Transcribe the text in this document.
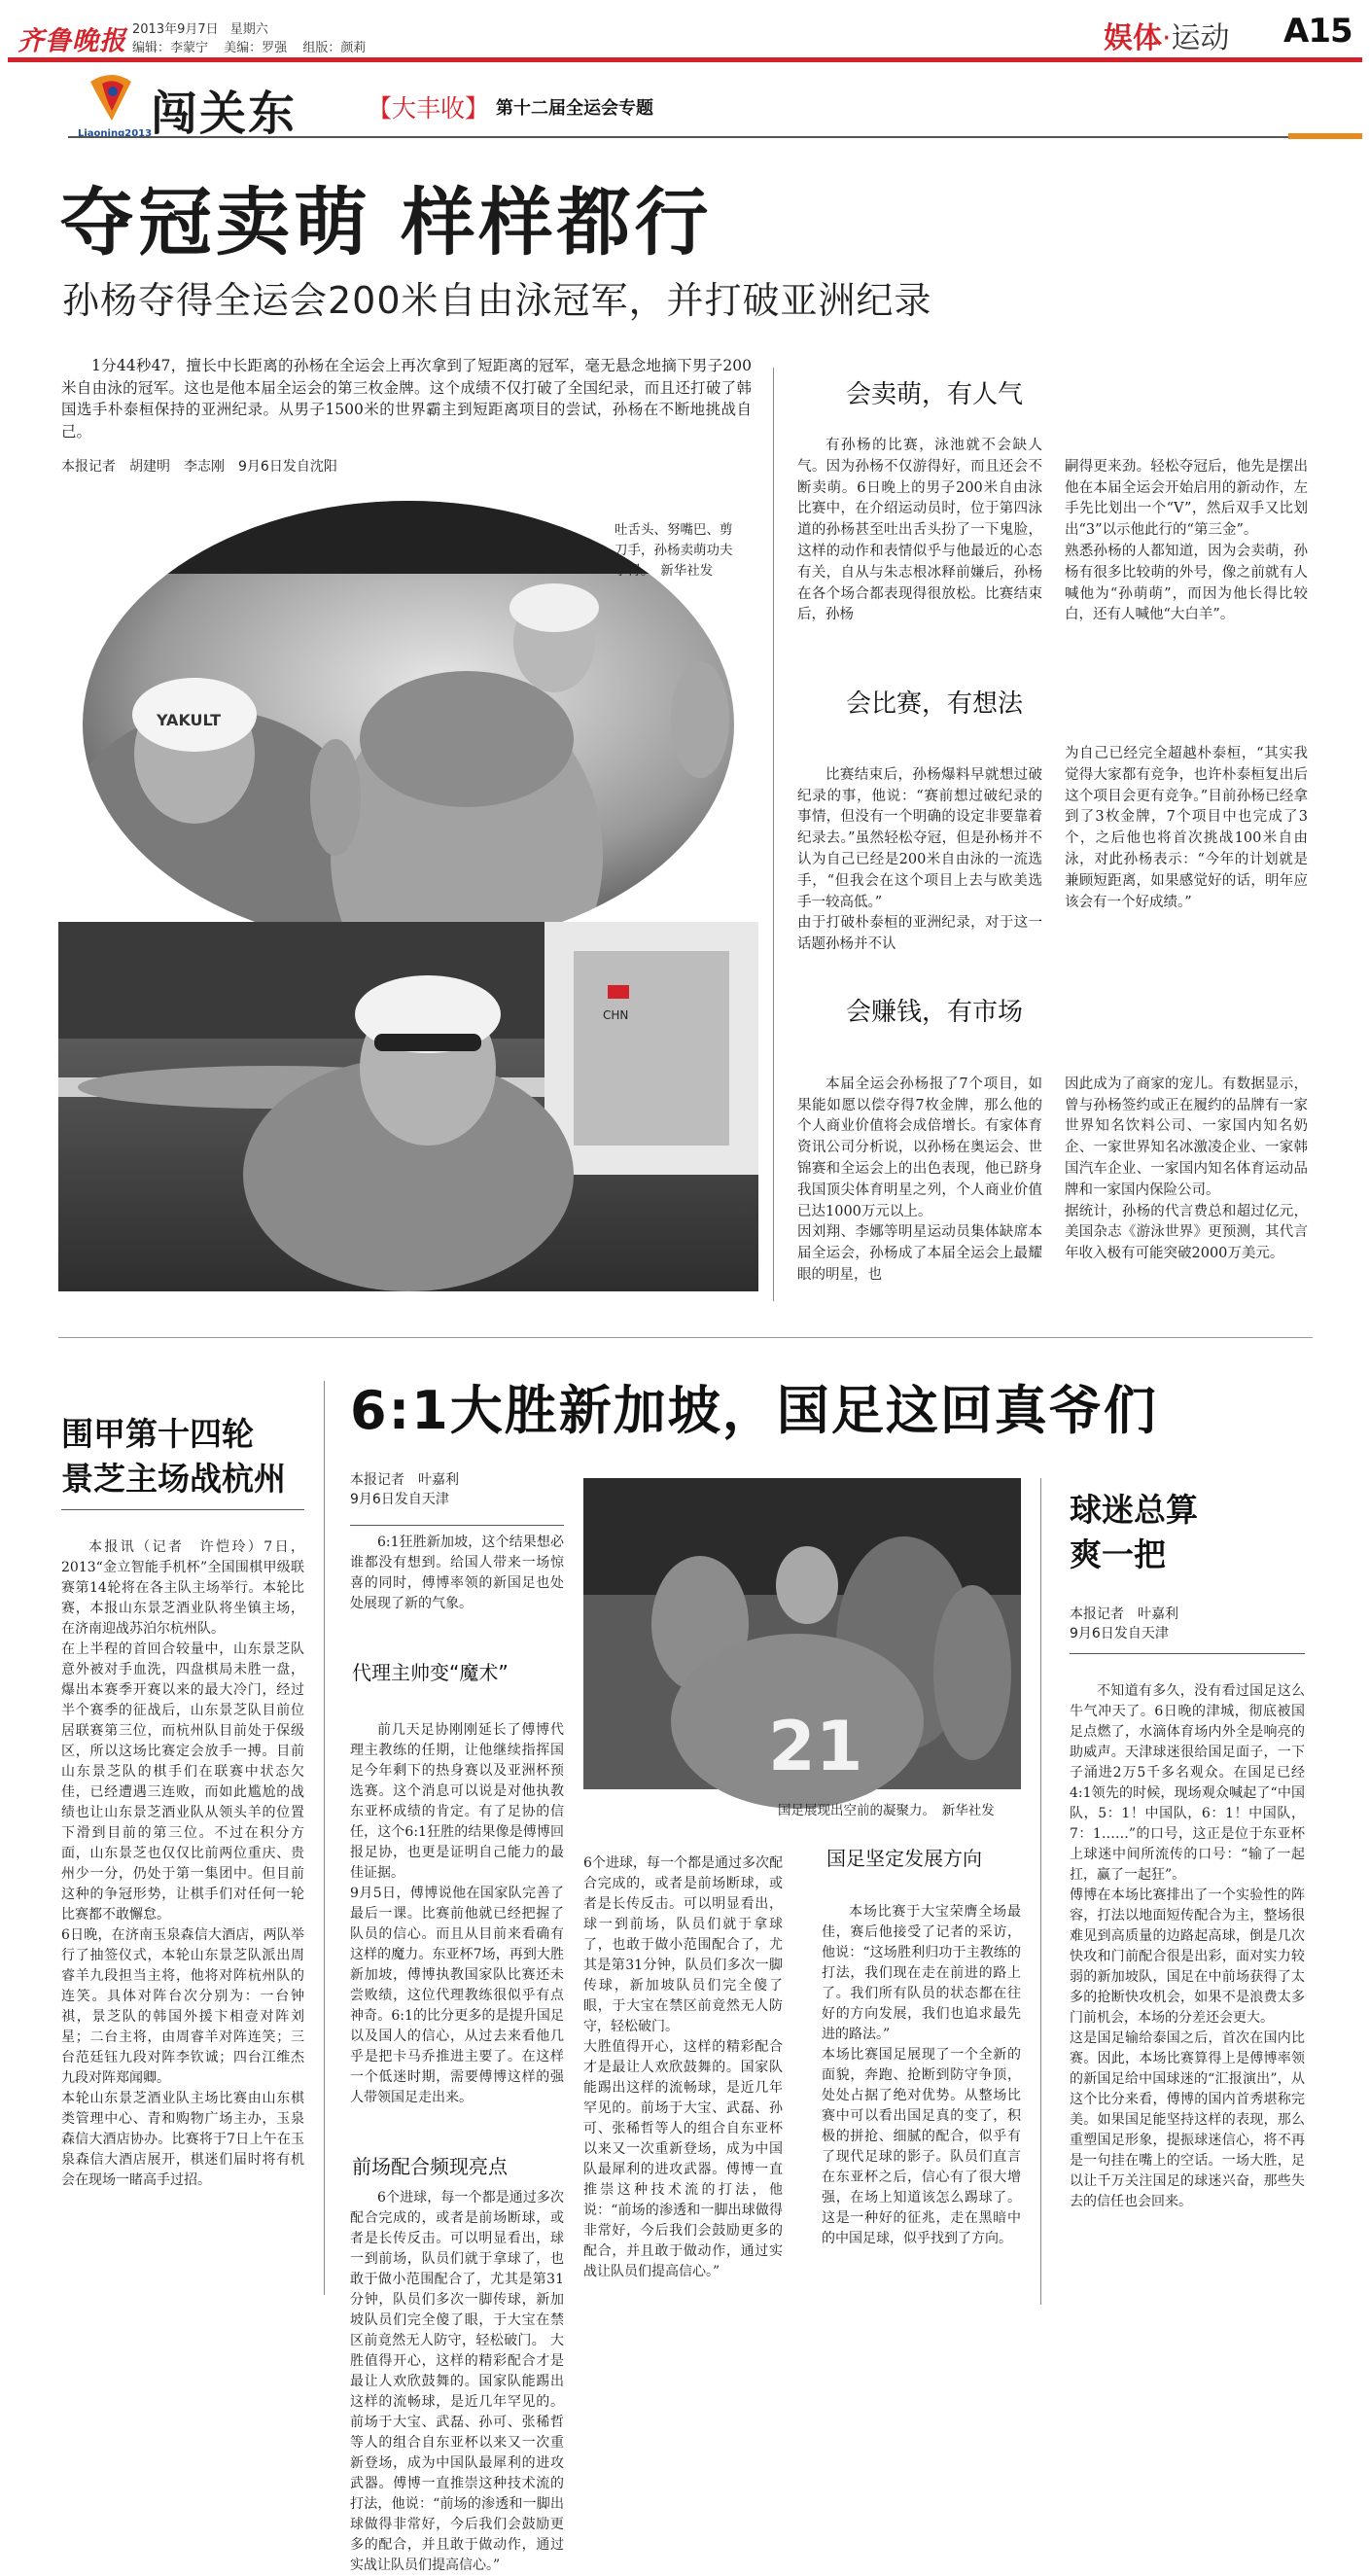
齐鲁晚报 2013年9月7日 星期六
编辑：李蒙宁 美编：罗强 组版：颜莉	娱体·运动 A15
Liaoning2013
闯关东	【大丰收】 第十二届全运会专题
夺冠卖萌 样样都行
孙杨夺得全运会200米自由泳冠军，并打破亚洲纪录

1分44秒47，擅长中长距离的孙杨在全运会上再次拿到了短距离的冠军，毫无悬念地摘下男子200米自由泳的冠军。这也是他本届全运会的第三枚金牌。这个成绩不仅打破了全国纪录，而且还打破了韩国选手朴泰桓保持的亚洲纪录。从男子1500米的世界霸主到短距离项目的尝试，孙杨在不断地挑战自己。

本报记者　胡建明　李志刚　9月6日发自沈阳
YAKULT
吐舌头、努嘴巴、剪刀手，孙杨卖萌功夫了得。　新华社发
CHN
会卖萌，有人气

有孙杨的比赛，泳池就不会缺人气。因为孙杨不仅游得好，而且还会不断卖萌。6日晚上的男子200米自由泳比赛中，在介绍运动员时，位于第四泳道的孙杨甚至吐出舌头扮了一下鬼脸，这样的动作和表情似乎与他最近的心态有关，自从与朱志根冰释前嫌后，孙杨在各个场合都表现得很放松。比赛结束后，孙杨

嗣得更来劲。轻松夺冠后，他先是摆出他在本届全运会开始启用的新动作，左手先比划出一个“V”，然后双手又比划出“3”以示他此行的“第三金”。
熟悉孙杨的人都知道，因为会卖萌，孙杨有很多比较萌的外号，像之前就有人喊他为“孙萌萌”，而因为他长得比较白，还有人喊他“大白羊”。

会比赛，有想法

比赛结束后，孙杨爆料早就想过破纪录的事，他说：“赛前想过破纪录的事情，但没有一个明确的设定非要靠着纪录去。”虽然轻松夺冠，但是孙杨并不认为自己已经是200米自由泳的一流选手，“但我会在这个项目上去与欧美选手一较高低。”
由于打破朴泰桓的亚洲纪录，对于这一话题孙杨并不认

为自己已经完全超越朴泰桓，“其实我觉得大家都有竞争，也许朴泰桓复出后这个项目会更有竞争。”目前孙杨已经拿到了3枚金牌，7个项目中也完成了3个，之后他也将首次挑战100米自由泳，对此孙杨表示：“今年的计划就是兼顾短距离，如果感觉好的话，明年应该会有一个好成绩。”

会赚钱，有市场

本届全运会孙杨报了7个项目，如果能如愿以偿夺得7枚金牌，那么他的个人商业价值将会成倍增长。有家体育资讯公司分析说，以孙杨在奥运会、世锦赛和全运会上的出色表现，他已跻身我国顶尖体育明星之列，个人商业价值已达1000万元以上。
因刘翔、李娜等明星运动员集体缺席本届全运会，孙杨成了本届全运会上最耀眼的明星，也

因此成为了商家的宠儿。有数据显示，曾与孙杨签约或正在履约的品牌有一家世界知名饮料公司、一家国内知名奶企、一家世界知名冰激凌企业、一家韩国汽车企业、一家国内知名体育运动品牌和一家国内保险公司。
据统计，孙杨的代言费总和超过亿元，美国杂志《游泳世界》更预测，其代言年收入极有可能突破2000万美元。

围甲第十四轮
景芝主场战杭州

本报讯（记者　许恺玲）7日，2013“金立智能手机杯”全国围棋甲级联赛第14轮将在各主队主场举行。本轮比赛，本报山东景芝酒业队将坐镇主场，在济南迎战苏泊尔杭州队。
在上半程的首回合较量中，山东景芝队意外被对手血洗，四盘棋局未胜一盘，爆出本赛季开赛以来的最大冷门，经过半个赛季的征战后，山东景芝队目前位居联赛第三位，而杭州队目前处于保级区，所以这场比赛定会放手一搏。目前山东景芝队的棋手们在联赛中状态欠佳，已经遭遇三连败，而如此尴尬的战绩也让山东景芝酒业队从领头羊的位置下滑到目前的第三位。不过在积分方面，山东景芝也仅仅比前两位重庆、贵州少一分，仍处于第一集团中。但目前这种的争冠形势，让棋手们对任何一轮比赛都不敢懈怠。
6日晚，在济南玉泉森信大酒店，两队举行了抽签仪式，本轮山东景芝队派出周睿羊九段担当主将，他将对阵杭州队的连笑。具体对阵台次分别为：一台钟祺，景芝队的韩国外援卞相壹对阵刘星；二台主将，由周睿羊对阵连笑；三台范廷钰九段对阵李钦诚；四台江维杰九段对阵郑闻卿。
本轮山东景芝酒业队主场比赛由山东棋类管理中心、青和购物广场主办，玉泉森信大酒店协办。比赛将于7日上午在玉泉森信大酒店展开，棋迷们届时将有机会在现场一睹高手过招。

6:1大胜新加坡，国足这回真爷们
本报记者　叶嘉利
9月6日发自天津

6:1狂胜新加坡，这个结果想必谁都没有想到。给国人带来一场惊喜的同时，傅博率领的新国足也处处展现了新的气象。

代理主帅变“魔术”

前几天足协刚刚延长了傅博代理主教练的任期，让他继续指挥国足今年剩下的热身赛以及亚洲杯预选赛。这个消息可以说是对他执教东亚杯成绩的肯定。有了足协的信任，这个6:1狂胜的结果像是傅博回报足协，也更是证明自己能力的最佳证据。
9月5日，傅博说他在国家队完善了最后一课。比赛前他就已经把握了队员的信心。而且从目前来看确有这样的魔力。东亚杯7场，再到大胜新加坡，傅博执教国家队比赛还未尝败绩，这位代理教练很似乎有点神奇。6:1的比分更多的是提升国足以及国人的信心，从过去来看他几乎是把卡马乔推进主要了。在这样一个低迷时期，需要傅博这样的强人带领国足走出来。

前场配合频现亮点

6个进球，每一个都是通过多次配合完成的，或者是前场断球，或者是长传反击。可以明显看出，球一到前场，队员们就于拿球了，也敢于做小范围配合了，尤其是第31分钟，队员们多次一脚传球，新加坡队员们完全傻了眼，于大宝在禁区前竟然无人防守，轻松破门。 大胜值得开心，这样的精彩配合才是最让人欢欣鼓舞的。国家队能踢出这样的流畅球，是近几年罕见的。前场于大宝、武磊、孙可、张稀哲等人的组合自东亚杯以来又一次重新登场，成为中国队最犀利的进攻武器。傅博一直推崇这种技术流的打法，他说：“前场的渗透和一脚出球做得非常好，今后我们会鼓励更多的配合，并且敢于做动作，通过实战让队员们提高信心。”

21
国足展现出空前的凝聚力。　新华社发

6个进球，每一个都是通过多次配合完成的，或者是前场断球，或者是长传反击。可以明显看出，球一到前场，队员们就于拿球了，也敢于做小范围配合了，尤其是第31分钟，队员们多次一脚传球，新加坡队员们完全傻了眼，于大宝在禁区前竟然无人防守，轻松破门。
大胜值得开心，这样的精彩配合才是最让人欢欣鼓舞的。国家队能踢出这样的流畅球，是近几年罕见的。前场于大宝、武磊、孙可、张稀哲等人的组合自东亚杯以来又一次重新登场，成为中国队最犀利的进攻武器。傅博一直推崇这种技术流的打法，他说：“前场的渗透和一脚出球做得非常好，今后我们会鼓励更多的配合，并且敢于做动作，通过实战让队员们提高信心。”

国足坚定发展方向

本场比赛于大宝荣膺全场最佳，赛后他接受了记者的采访，他说：“这场胜利归功于主教练的打法，我们现在走在前进的路上了。我们所有队员的状态都在往好的方向发展，我们也追求最先进的路法。”
本场比赛国足展现了一个全新的面貌，奔跑、抢断到防守争顶，处处占据了绝对优势。从整场比赛中可以看出国足真的变了，积极的拼抢、细腻的配合，似乎有了现代足球的影子。队员们直言在东亚杯之后，信心有了很大增强，在场上知道该怎么踢球了。这是一种好的征兆，走在黑暗中的中国足球，似乎找到了方向。

球迷总算
爽一把
本报记者　叶嘉利
9月6日发自天津

不知道有多久，没有看过国足这么牛气冲天了。6日晚的津城，彻底被国足点燃了，水滴体育场内外全是响亮的助威声。天津球迷很给国足面子，一下子涌进2万5千多名观众。在国足已经4:1领先的时候，现场观众喊起了“中国队，5：1！中国队，6：1！中国队，7：1……”的口号，这正是位于东亚杯上球迷中间所流传的口号：“输了一起扛，赢了一起狂”。
傅博在本场比赛排出了一个实验性的阵容，打法以地面短传配合为主，整场很难见到高质量的边路起高球，倒是几次快攻和门前配合很是出彩，面对实力较弱的新加坡队，国足在中前场获得了太多的抢断快攻机会，如果不是浪费太多门前机会，本场的分差还会更大。
这是国足输给泰国之后，首次在国内比赛。因此，本场比赛算得上是傅博率领的新国足给中国球迷的“汇报演出”，从这个比分来看，傅博的国内首秀堪称完美。如果国足能坚持这样的表现，那么重塑国足形象，提振球迷信心，将不再是一句挂在嘴上的空话。一场大胜，足以让千万关注国足的球迷兴奋，那些失去的信任也会回来。
